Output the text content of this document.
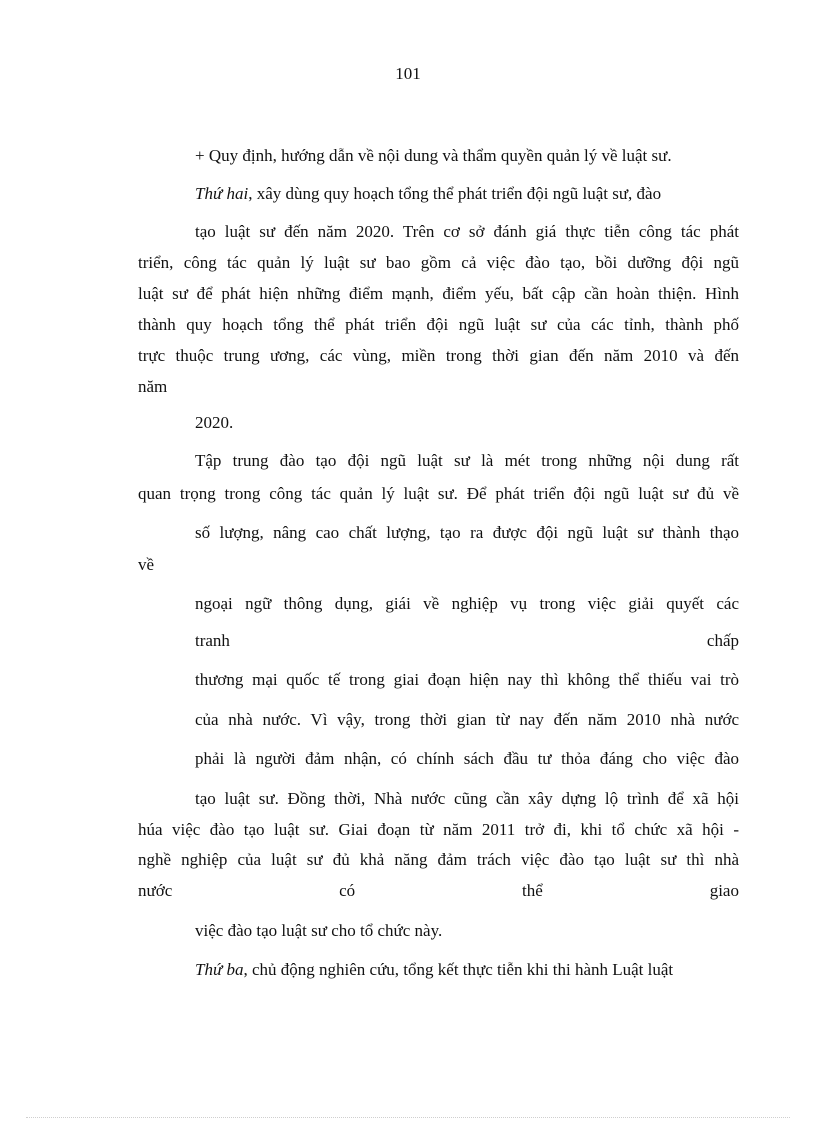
101
+ Quy định, hướng dẫn về nội dung và thẩm quyền quản lý về luật sư.
Thứ hai, xây dùng quy hoạch tổng thể phát triển đội ngũ luật sư, đào
tạo luật sư đến năm 2020. Trên cơ sở đánh giá thực tiễn công tác phát
triển, công tác quản lý luật sư bao gồm cả việc đào tạo, bồi dưỡng đội ngũ
luật sư để phát hiện những điểm mạnh, điểm yếu, bất cập cần hoàn thiện. Hình
thành quy hoạch tổng thể phát triển đội ngũ luật sư của các tỉnh, thành phố
trực thuộc trung ương, các vùng, miền trong thời gian đến năm 2010 và đến
năm
2020.
Tập trung đào tạo đội ngũ luật sư là mét trong những nội dung rất
quan trọng trong công tác quản lý luật sư. Để phát triển đội ngũ luật sư đủ về
số lượng, nâng cao chất lượng, tạo ra được đội ngũ luật sư thành thạo
về
ngoại ngữ thông dụng, giái về nghiệp vụ trong việc giải quyết các
tranh	chấp
thương mại quốc tế trong giai đoạn hiện nay thì không thể thiếu vai trò
của nhà nước. Vì vậy, trong thời gian từ nay đến năm 2010 nhà nước
phải là người đảm nhận, có chính sách đầu tư thỏa đáng cho việc đào
tạo luật sư. Đồng thời, Nhà nước cũng cần xây dựng lộ trình để xã hội
húa việc đào tạo luật sư. Giai đoạn từ năm 2011 trở đi, khi tổ chức xã hội -
nghề nghiệp của luật sư đủ khả năng đảm trách việc đào tạo luật sư thì nhà
nước	có	thể	giao
việc đào tạo luật sư cho tổ chức này.
Thứ ba, chủ động nghiên cứu, tổng kết thực tiễn khi thi hành Luật luật
